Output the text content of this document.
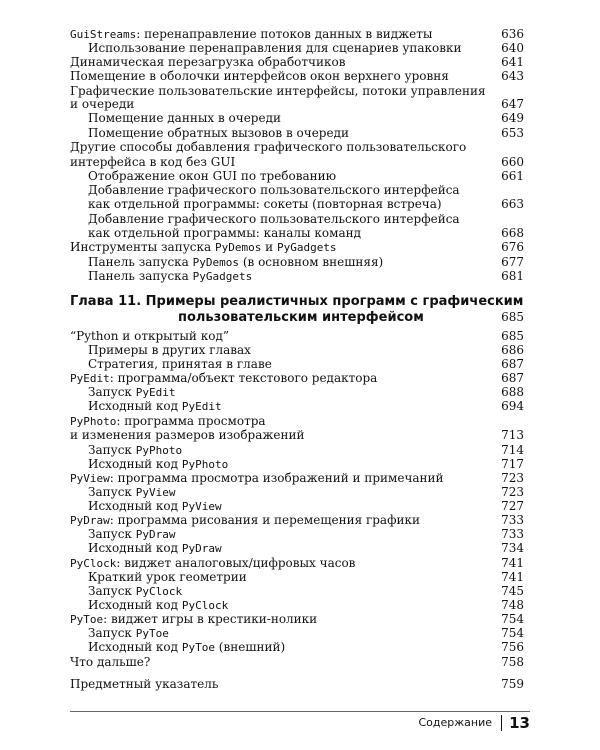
GuiStreams: перенаправление потоков данных в виджеты	636
Использование перенаправления для сценариев упаковки	640
Динамическая перезагрузка обработчиков	641
Помещение в оболочки интерфейсов окон верхнего уровня	643
Графические пользовательские интерфейсы, потоки управления
и очереди	647
Помещение данных в очереди	649
Помещение обратных вызовов в очереди	653
Другие способы добавления графического пользовательского
интерфейса в код без GUI	660
Отображение окон GUI по требованию	661
Добавление графического пользовательского интерфейса
как отдельной программы: сокеты (повторная встреча)	663
Добавление графического пользовательского интерфейса
как отдельной программы: каналы команд	668
Инструменты запуска PyDemos и PyGadgets	676
Панель запуска PyDemos (в основном внешняя)	677
Панель запуска PyGadgets	681
Глава 11. Примеры реалистичных программ с графическим
пользовательским интерфейсом	685
“Python и открытый код”	685
Примеры в других главах	686
Стратегия, принятая в главе	687
PyEdit: программа/объект текстового редактора	687
Запуск PyEdit	688
Исходный код PyEdit	694
PyPhoto: программа просмотра
и изменения размеров изображений	713
Запуск PyPhoto	714
Исходный код PyPhoto	717
PyView: программа просмотра изображений и примечаний	723
Запуск PyView	723
Исходный код PyView	727
PyDraw: программа рисования и перемещения графики	733
Запуск PyDraw	733
Исходный код PyDraw	734
PyClock: виджет аналоговых/цифровых часов	741
Краткий урок геометрии	741
Запуск PyClock	745
Исходный код PyClock	748
PyToe: виджет игры в крестики-нолики	754
Запуск PyToe	754
Исходный код PyToe (внешний)	756
Что дальше?	758
Предметный указатель	759
Содержание 13
